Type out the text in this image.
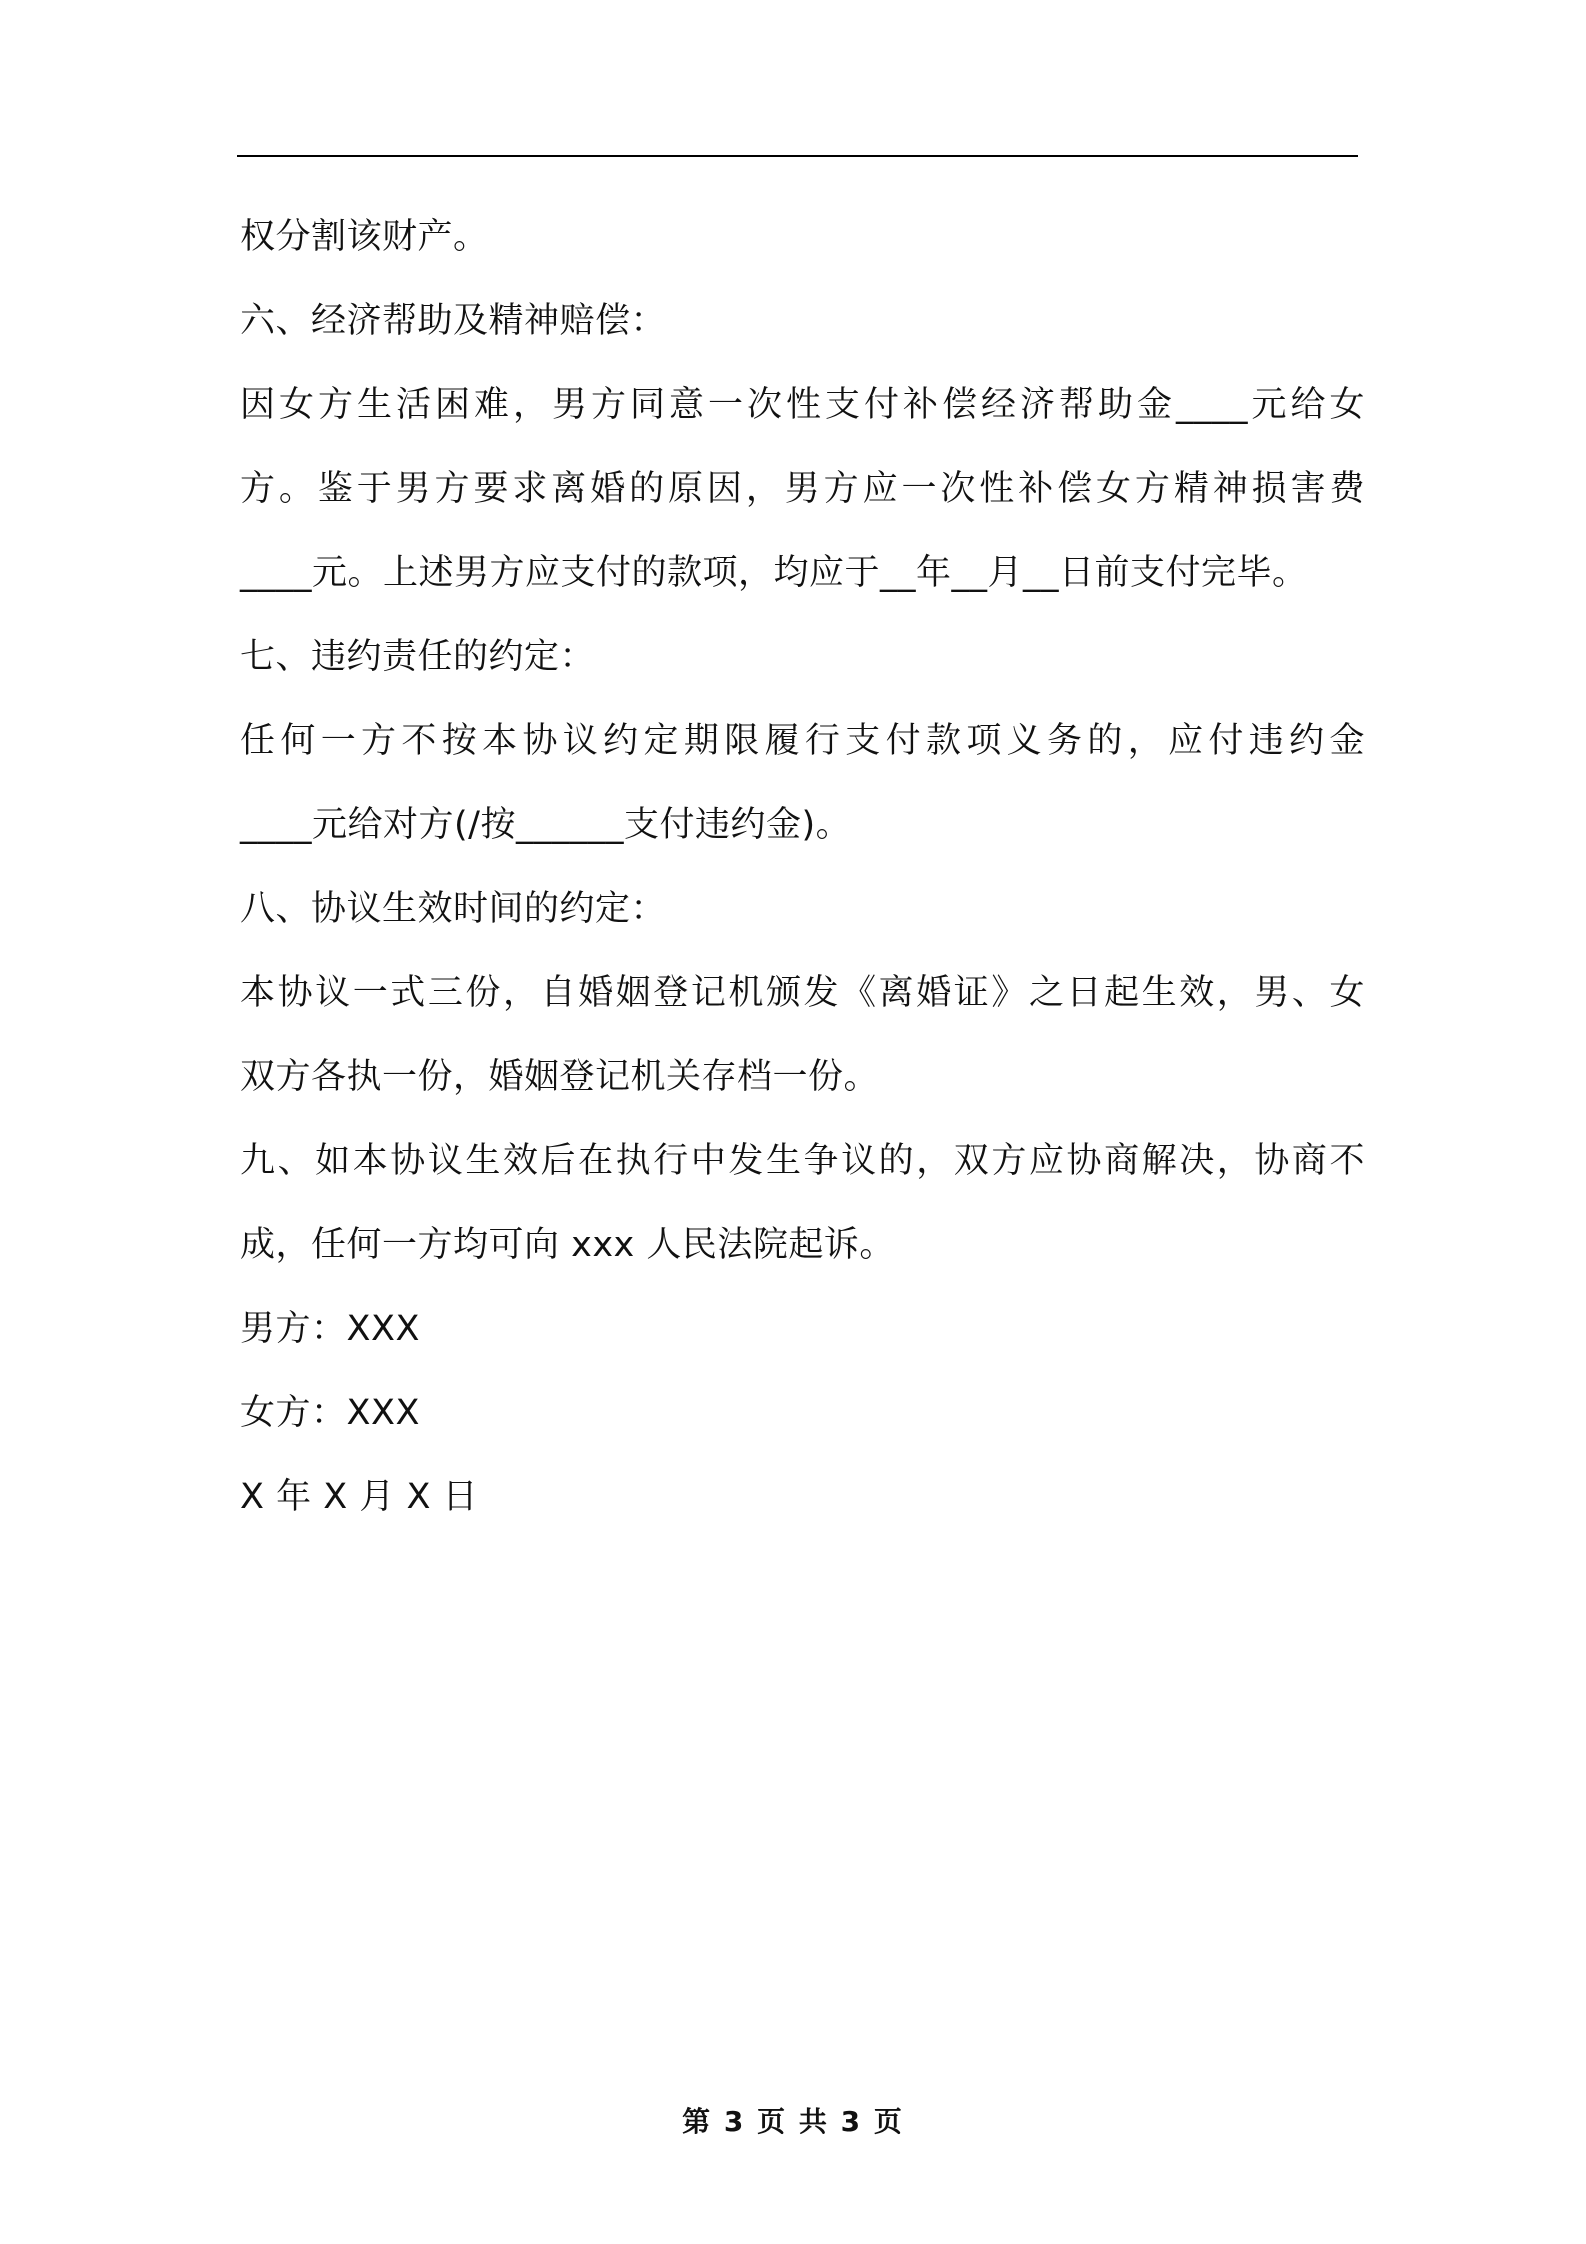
权分割该财产。
六、经济帮助及精神赔偿：
因女方生活困难，男方同意一次性支付补偿经济帮助金____元给女
方。鉴于男方要求离婚的原因，男方应一次性补偿女方精神损害费
____元。上述男方应支付的款项，均应于__年__月__日前支付完毕。
七、违约责任的约定：
任何一方不按本协议约定期限履行支付款项义务的，应付违约金
____元给对方(/按______支付违约金)。
八、协议生效时间的约定：
本协议一式三份，自婚姻登记机颁发《离婚证》之日起生效，男、女
双方各执一份，婚姻登记机关存档一份。
九、如本协议生效后在执行中发生争议的，双方应协商解决，协商不
成，任何一方均可向 xxx 人民法院起诉。
男方：XXX
女方：XXX
X 年 X 月 X 日
第 3 页 共 3 页
